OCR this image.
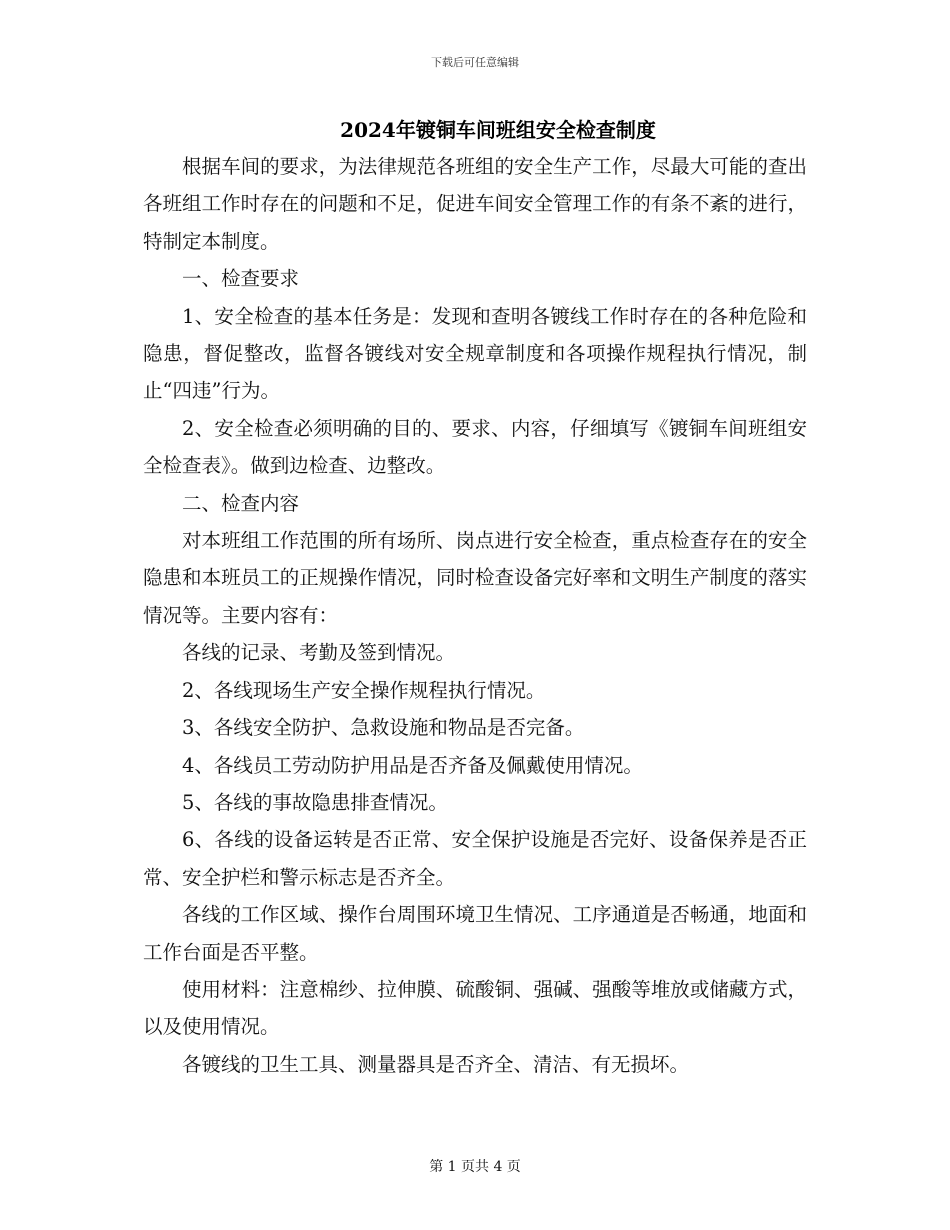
下载后可任意编辑
2024年镀铜车间班组安全检查制度

根据车间的要求，为法律规范各班组的安全生产工作，尽最大可能的查出各班组工作时存在的问题和不足，促进车间安全管理工作的有条不紊的进行，特制定本制度。

一、检查要求

1、安全检查的基本任务是：发现和查明各镀线工作时存在的各种危险和隐患，督促整改，监督各镀线对安全规章制度和各项操作规程执行情况，制止“四违”行为。

2、安全检查必须明确的目的、要求、内容，仔细填写《镀铜车间班组安全检查表》。做到边检查、边整改。

二、检查内容

对本班组工作范围的所有场所、岗点进行安全检查，重点检查存在的安全隐患和本班员工的正规操作情况，同时检查设备完好率和文明生产制度的落实情况等。主要内容有：

各线的记录、考勤及签到情况。

2、各线现场生产安全操作规程执行情况。

3、各线安全防护、急救设施和物品是否完备。

4、各线员工劳动防护用品是否齐备及佩戴使用情况。

5、各线的事故隐患排查情况。

6、各线的设备运转是否正常、安全保护设施是否完好、设备保养是否正常、安全护栏和警示标志是否齐全。

各线的工作区域、操作台周围环境卫生情况、工序通道是否畅通，地面和工作台面是否平整。

使用材料：注意棉纱、拉伸膜、硫酸铜、强碱、强酸等堆放或储藏方式，以及使用情况。

各镀线的卫生工具、测量器具是否齐全、清洁、有无损坏。

第 1 页共 4 页
